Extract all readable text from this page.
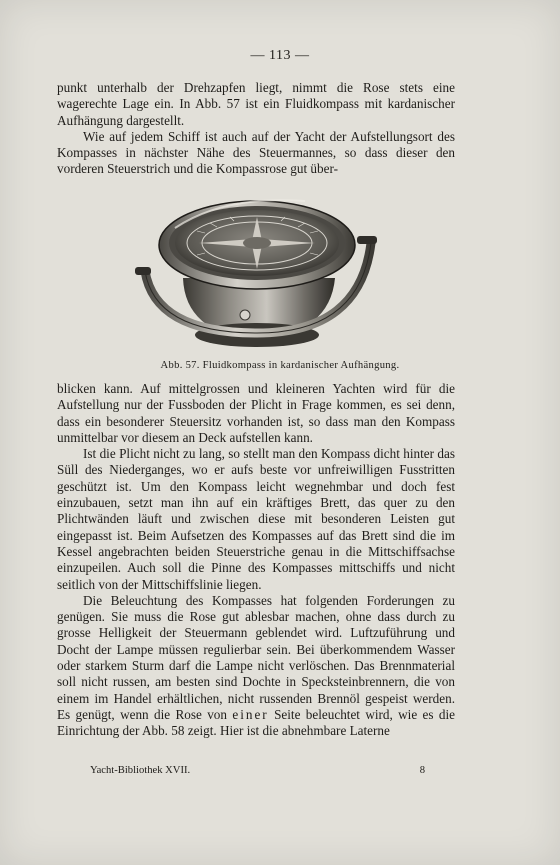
— 113 —

punkt unterhalb der Drehzapfen liegt, nimmt die Rose stets eine wagerechte Lage ein. In Abb. 57 ist ein Fluidkompass mit kardanischer Aufhängung dargestellt.

Wie auf jedem Schiff ist auch auf der Yacht der Aufstellungsort des Kompasses in nächster Nähe des Steuermannes, so dass dieser den vorderen Steuerstrich und die Kompassrose gut über-

Abb. 57. Fluidkompass in kardanischer Aufhängung.

blicken kann. Auf mittelgrossen und kleineren Yachten wird für die Aufstellung nur der Fussboden der Plicht in Frage kommen, es sei denn, dass ein besonderer Steuersitz vorhanden ist, so dass man den Kompass unmittelbar vor diesem an Deck aufstellen kann.

Ist die Plicht nicht zu lang, so stellt man den Kompass dicht hinter das Süll des Niederganges, wo er aufs beste vor unfreiwilligen Fusstritten geschützt ist. Um den Kompass leicht wegnehmbar und doch fest einzubauen, setzt man ihn auf ein kräftiges Brett, das quer zu den Plichtwänden läuft und zwischen diese mit besonderen Leisten gut eingepasst ist. Beim Aufsetzen des Kompasses auf das Brett sind die im Kessel angebrachten beiden Steuerstriche genau in die Mittschiffsachse einzupeilen. Auch soll die Pinne des Kompasses mittschiffs und nicht seitlich von der Mittschiffslinie liegen.

Die Beleuchtung des Kompasses hat folgenden Forderungen zu genügen. Sie muss die Rose gut ablesbar machen, ohne dass durch zu grosse Helligkeit der Steuermann geblendet wird. Luftzuführung und Docht der Lampe müssen regulierbar sein. Bei überkommendem Wasser oder starkem Sturm darf die Lampe nicht verlöschen. Das Brennmaterial soll nicht russen, am besten sind Dochte in Specksteinbrennern, die von einem im Handel erhältlichen, nicht russenden Brennöl gespeist werden. Es genügt, wenn die Rose von einer Seite beleuchtet wird, wie es die Einrichtung der Abb. 58 zeigt. Hier ist die abnehmbare Laterne

Yacht-Bibliothek XVII.	8
